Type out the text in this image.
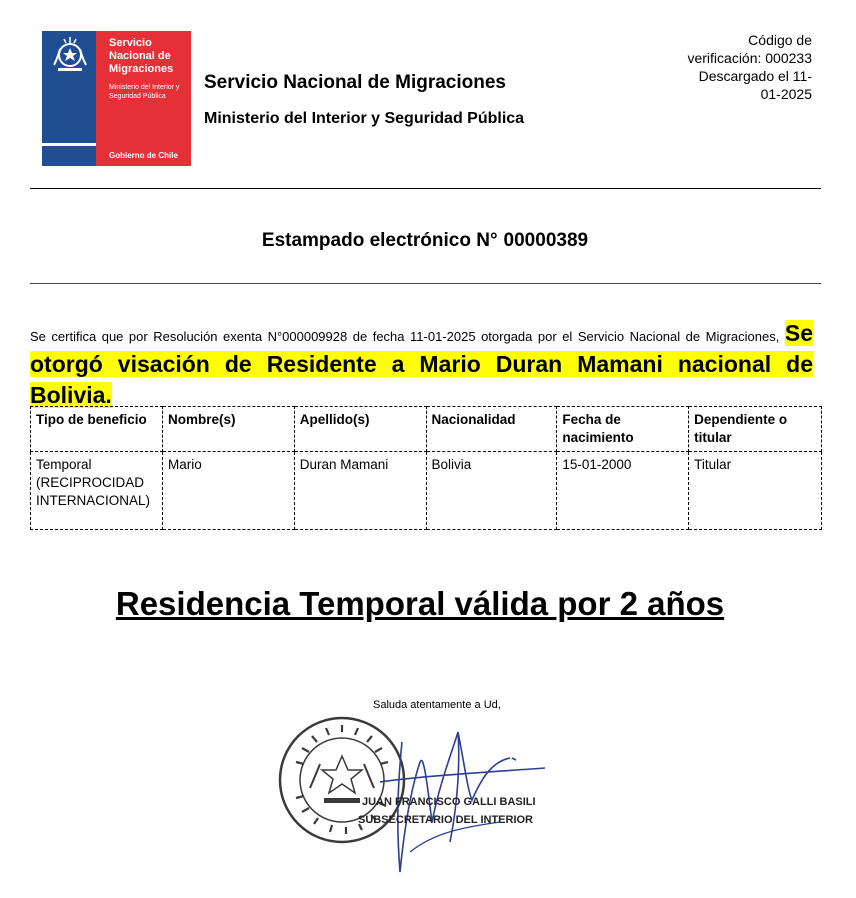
Servicio Nacional de Migraciones
Ministerio del Interior y Seguridad Pública
Gobierno de Chile
Servicio Nacional de Migraciones
Ministerio del Interior y Seguridad Pública
Código de
verificación: 000233
Descargado el 11-
01-2025
Estampado electrónico N° 00000389
Se certifica que por Resolución exenta N°000009928 de fecha 11-01-2025 otorgada por el Servicio Nacional de Migraciones, Se otorgó visación de Residente a Mario Duran Mamani nacional de Bolivia.
Tipo de beneficio	Nombre(s)	Apellido(s)	Nacionalidad	Fecha de nacimiento	Dependiente o titular
Temporal (RECIPROCIDAD INTERNACIONAL)	Mario	Duran Mamani	Bolivia	15-01-2000	Titular
Residencia Temporal válida por 2 años
Saluda atentamente a Ud,
JUAN FRANCISCO GALLI BASILI
SUBSECRETARIO DEL INTERIOR
